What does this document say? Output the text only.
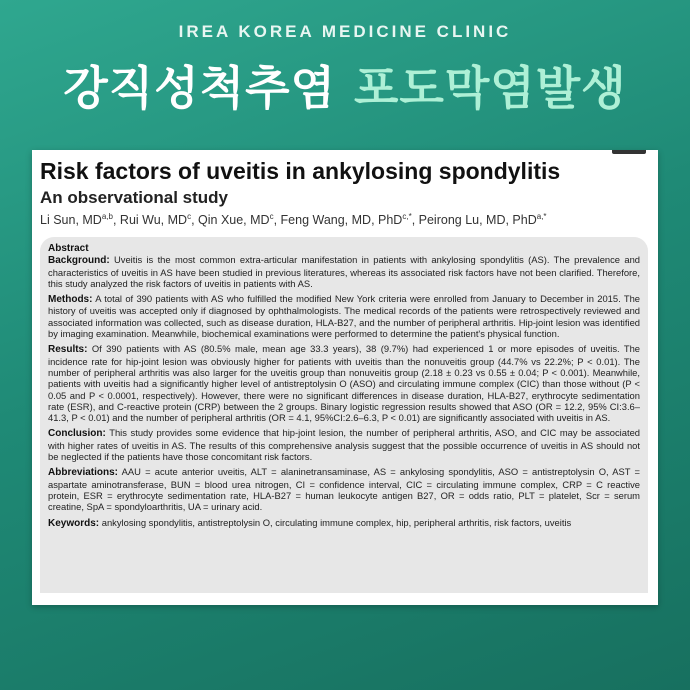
IREA KOREA MEDICINE CLINIC
강직성척추염 포도막염발생
Risk factors of uveitis in ankylosing spondylitis
An observational study
Li Sun, MD$^{a,b}$, Rui Wu, $MD^c$, Qin Xue, $MD^c$, Feng Wang, MD, PhD$^{c,*}$, Peirong Lu, MD, PhD$^{a,*}$
Abstract

Background: Uveitis is the most common extra-articular manifestation in patients with ankylosing spondylitis (AS). The prevalence and characteristics of uveitis in AS have been studied in previous literatures, whereas its associated risk factors have not been clarified. Therefore, this study analyzed the risk factors of uveitis in patients with AS.

Methods: A total of 390 patients with AS who fulfilled the modified New York criteria were enrolled from January to December in 2015. The history of uveitis was accepted only if diagnosed by ophthalmologists. The medical records of the patients were retrospectively reviewed and associated information was collected, such as disease duration, HLA-B27, and the number of peripheral arthritis. Hip-joint lesion was identified by imaging examination. Meanwhile, biochemical examinations were performed to determine the patient's physical function.

Results: Of 390 patients with AS (80.5% male, mean age 33.3 years), 38 (9.7%) had experienced 1 or more episodes of uveitis. The incidence rate for hip-joint lesion was obviously higher for patients with uveitis than the nonuveitis group (44.7% vs 22.2%; P < 0.01). The number of peripheral arthritis was also larger for the uveitis group than nonuveitis group (2.18 ± 0.23 vs 0.55 ± 0.04; P < 0.001). Meanwhile, patients with uveitis had a significantly higher level of antistreptolysin O (ASO) and circulating immune complex (CIC) than those without (P < 0.05 and P < 0.0001, respectively). However, there were no significant differences in disease duration, HLA-B27, erythrocyte sedimentation rate (ESR), and C-reactive protein (CRP) between the 2 groups. Binary logistic regression results showed that ASO (OR = 12.2, 95% CI:3.6–41.3, P < 0.01) and the number of peripheral arthritis (OR = 4.1, 95%CI:2.6–6.3, P < 0.01) are significantly associated with uveitis in AS.

Conclusion: This study provides some evidence that hip-joint lesion, the number of peripheral arthritis, ASO, and CIC may be associated with higher rates of uveitis in AS. The results of this comprehensive analysis suggest that the possible occurrence of uveitis in AS should not be neglected if the patients have those concomitant risk factors.

Abbreviations: AAU = acute anterior uveitis, ALT = alaninetransaminase, AS = ankylosing spondylitis, ASO = antistreptolysin O, AST = aspartate aminotransferase, BUN = blood urea nitrogen, CI = confidence interval, CIC = circulating immune complex, CRP = C reactive protein, ESR = erythrocyte sedimentation rate, HLA-B27 = human leukocyte antigen B27, OR = odds ratio, PLT = platelet, Scr = serum creatine, SpA = spondyloarthritis, UA = urinary acid.

Keywords: ankylosing spondylitis, antistreptolysin O, circulating immune complex, hip, peripheral arthritis, risk factors, uveitis
